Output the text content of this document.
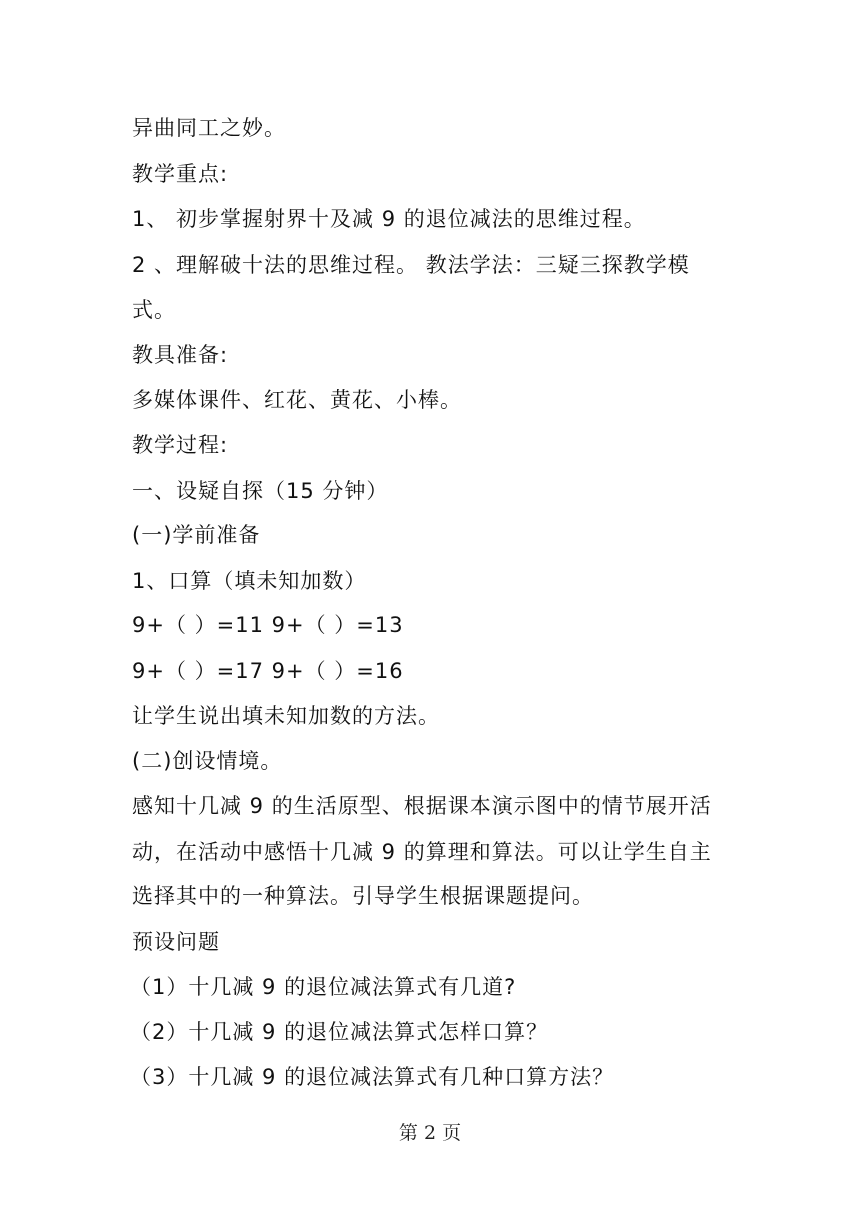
异曲同工之妙。
教学重点:
1、 初步掌握射界十及减 9 的退位减法的思维过程。
2 、理解破十法的思维过程。 教法学法：三疑三探教学模
式。
教具准备:
多媒体课件、红花、黄花、小棒。
教学过程:
一、设疑自探（15 分钟）
(一)学前准备
1、口算（填未知加数）
9+（ ）=11 9+（ ）=13
9+（ ）=17 9+（ ）=16
让学生说出填未知加数的方法。
(二)创设情境。
感知十几减 9 的生活原型、根据课本演示图中的情节展开活
动，在活动中感悟十几减 9 的算理和算法。可以让学生自主
选择其中的一种算法。引导学生根据课题提问。
预设问题
（1）十几减 9 的退位减法算式有几道?
（2）十几减 9 的退位减法算式怎样口算？
（3）十几减 9 的退位减法算式有几种口算方法？
第 2 页
